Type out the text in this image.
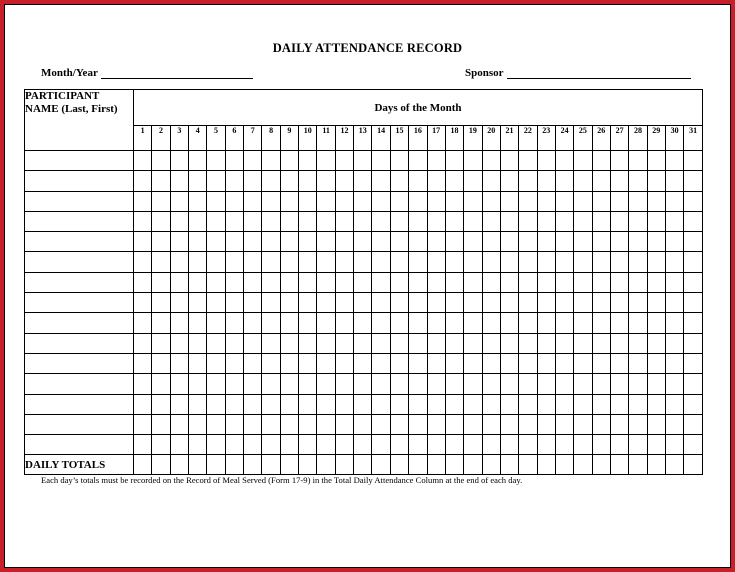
DAILY ATTENDANCE RECORD
Month/Year	Sponsor
PARTICIPANT NAME (Last, First)	Days of the Month																														
	1	2	3	4	5	6	7	8	9	10	11	12	13	14	15	16	17	18	19	20	21	22	23	24	25	26	27	28	29	30	31

DAILY TOTALS																															
Each day’s totals must be recorded on the Record of Meal Served (Form 17-9) in the Total Daily Attendance Column at the end of each day.
